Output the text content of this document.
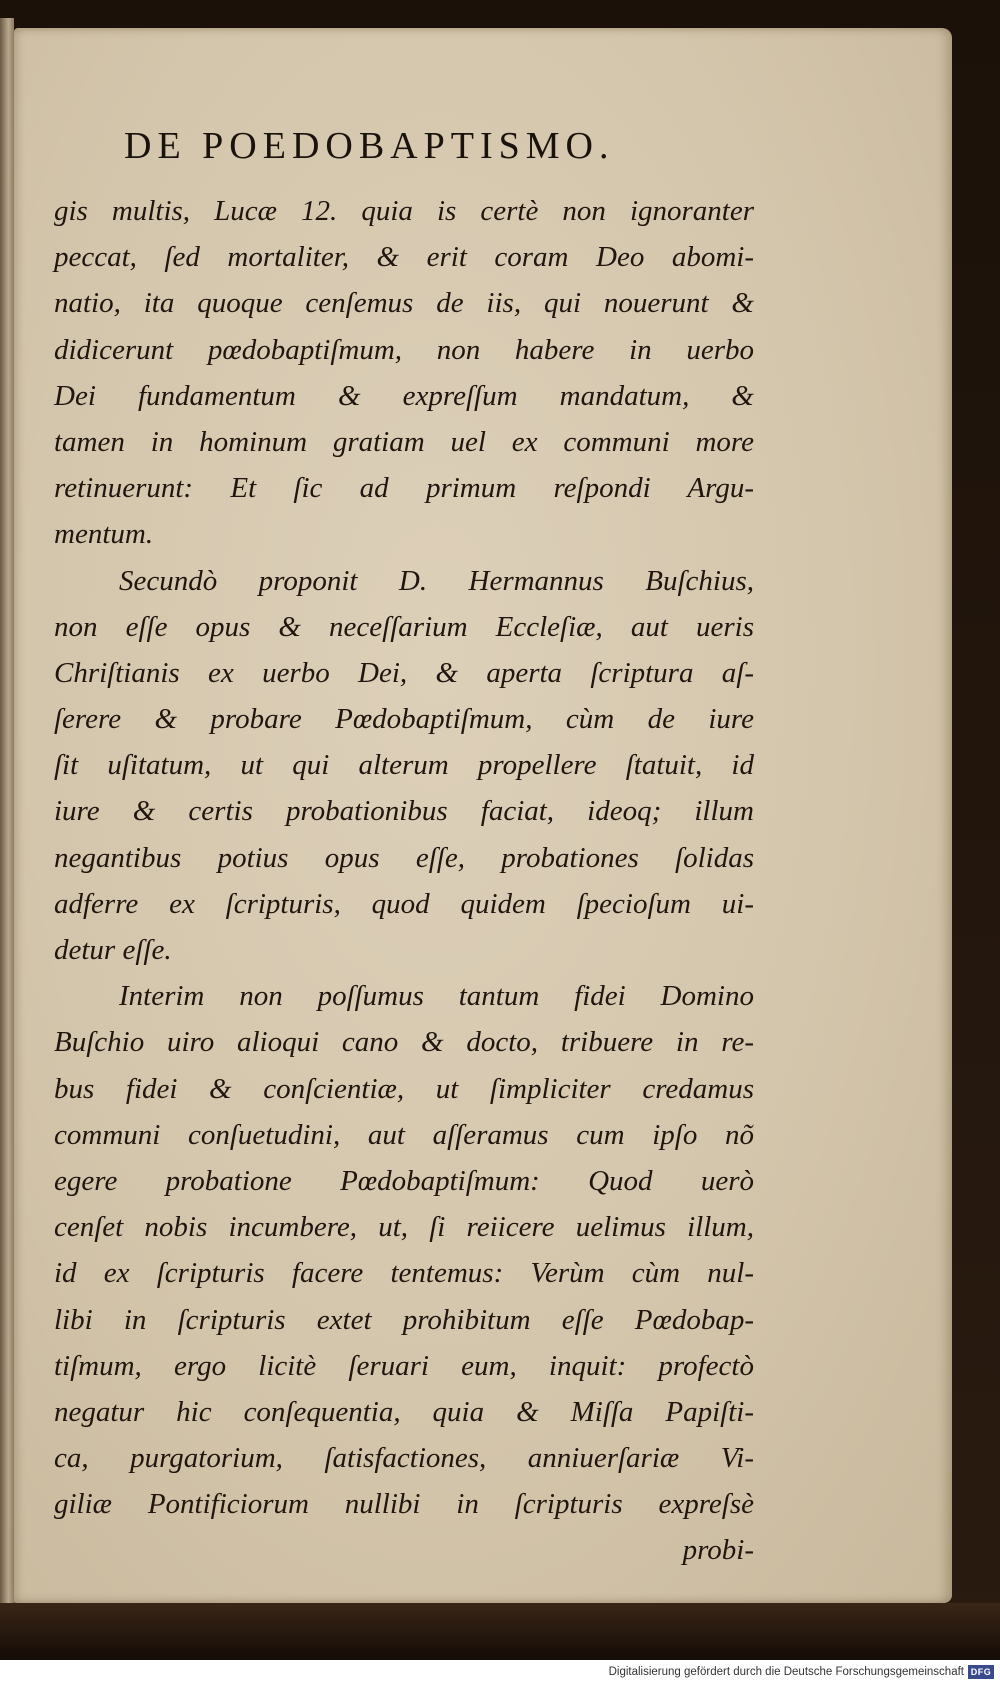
DE POEDOBAPTISMO.
gis multis, Lucæ 12. quia is certè non ignoranter
peccat, ſed mortaliter, & erit coram Deo abomi-
natio, ita quoque cenſemus de iis, qui nouerunt &
didicerunt pœdobaptiſmum, non habere in uerbo
Dei fundamentum & expreſſum mandatum, &
tamen in hominum gratiam uel ex communi more
retinuerunt: Et ſic ad primum reſpondi Argu-
mentum.
Secundò proponit D. Hermannus Buſchius,
non eſſe opus & neceſſarium Eccleſiæ, aut ueris
Chriſtianis ex uerbo Dei, & aperta ſcriptura aſ-
ſerere & probare Pœdobaptiſmum, cùm de iure
ſit uſitatum, ut qui alterum propellere ſtatuit, id
iure & certis probationibus faciat, ideoq; illum
negantibus potius opus eſſe, probationes ſolidas
adferre ex ſcripturis, quod quidem ſpecioſum ui-
detur eſſe.
Interim non poſſumus tantum fidei Domino
Buſchio uiro alioqui cano & docto, tribuere in re-
bus fidei & conſcientiæ, ut ſimpliciter credamus
communi conſuetudini, aut aſſeramus cum ipſo nõ
egere probatione Pœdobaptiſmum: Quod uerò
cenſet nobis incumbere, ut, ſi reiicere uelimus illum,
id ex ſcripturis facere tentemus: Verùm cùm nul-
libi in ſcripturis extet prohibitum eſſe Pœdobap-
tiſmum, ergo licitè ſeruari eum, inquit: profectò
negatur hic conſequentia, quia & Miſſa Papiſti-
ca, purgatorium, ſatisfactiones, anniuerſariæ Vi-
giliæ Pontificiorum nullibi in ſcripturis expreſsè
probi-
Digitalisierung gefördert durch die Deutsche Forschungsgemeinschaft DFG
